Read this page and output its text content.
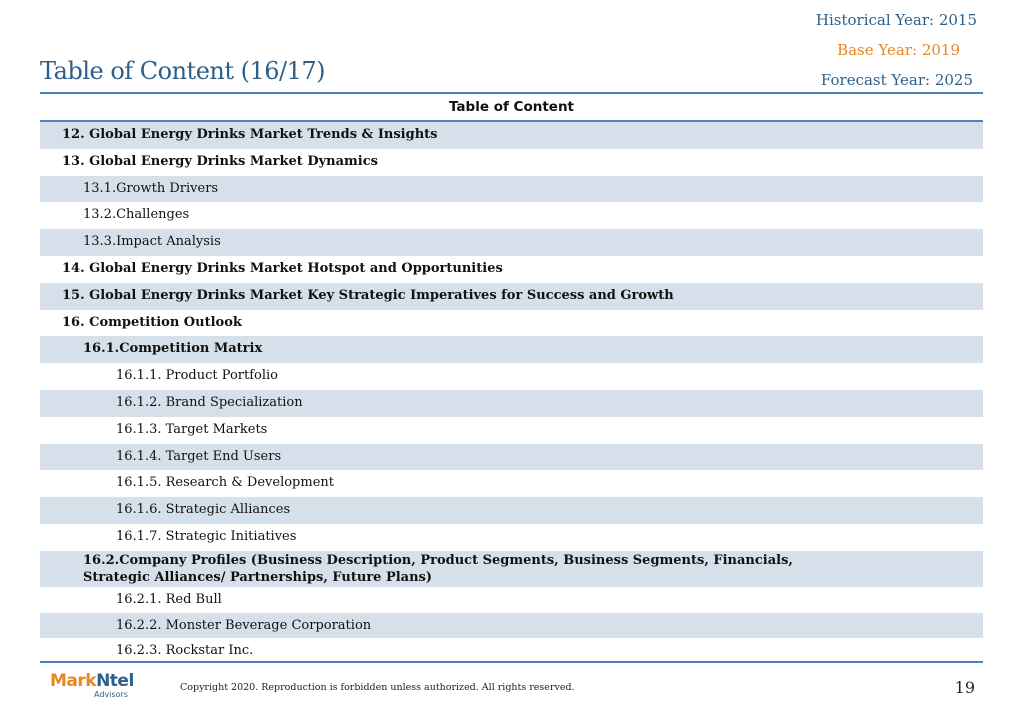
Historical Year: 2015
Base Year: 2019
Forecast Year: 2025
Table of Content (16/17)
Table of Content
12. Global Energy Drinks Market Trends & Insights
13. Global Energy Drinks Market Dynamics
13.1.Growth Drivers
13.2.Challenges
13.3.Impact Analysis
14. Global Energy Drinks Market Hotspot and Opportunities
15. Global Energy Drinks Market Key Strategic Imperatives for Success and Growth
16. Competition Outlook
16.1.Competition Matrix
16.1.1. Product Portfolio
16.1.2. Brand Specialization
16.1.3. Target Markets
16.1.4. Target End Users
16.1.5. Research & Development
16.1.6. Strategic Alliances
16.1.7. Strategic Initiatives
16.2.Company Profiles (Business Description, Product Segments, Business Segments, Financials, Strategic Alliances/ Partnerships, Future Plans)
16.2.1. Red Bull
16.2.2. Monster Beverage Corporation
16.2.3. Rockstar Inc.
MarkNtel
Advisors
Copyright 2020. Reproduction is forbidden unless authorized. All rights reserved.	19
